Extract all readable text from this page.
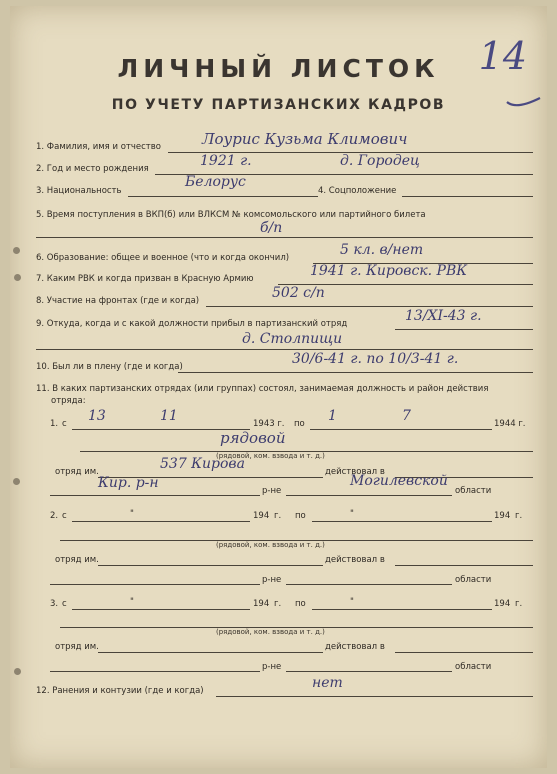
14
ЛИЧНЫЙ ЛИСТОК
ПО УЧЕТУ ПАРТИЗАНСКИХ КАДРОВ
1. Фамилия, имя и отчество	Лоурис Кузьма Климович
2. Год и место рождения	1921 г.	д. Городец
3. Национальность
Белорус
4. Соцположение
5. Время поступления в ВКП(б) или ВЛКСМ № комсомольского или партийного билета
б/п
6. Образование: общее и военное (что и когда окончил)	5 кл. в/нет
7. Каким РВК и когда призван в Красную Армию	1941 г. Кировск. РВК
8. Участие на фронтах (где и когда)	502 с/п
9. Откуда, когда и с какой должности прибыл в партизанский отряд	13/XI-43 г.
д. Столпищи
10. Был ли в плену (где и когда)	30/6-41 г. по 10/3-41 г.
11. В каких партизанских отрядах (или группах) состоял, занимаемая должность и район действия
отряда:
1. с 13	11	1943 г. по 1	7	1944 г.
рядовой
(рядовой, ком. взвода и т. д.)
отряд им.	537 Кирова	действовал в
Кир. р-н	р-не
Могилевской
области
2. с	"	194 г. по	"	194 г.
(рядовой, ком. взвода и т. д.)
отряд им.	действовал в
р-не	области
3. с	"	194 г. по	"	194 г.
(рядовой, ком. взвода и т. д.)
отряд им.	действовал в
р-не	области
12. Ранения и контузии (где и когда)	нет
